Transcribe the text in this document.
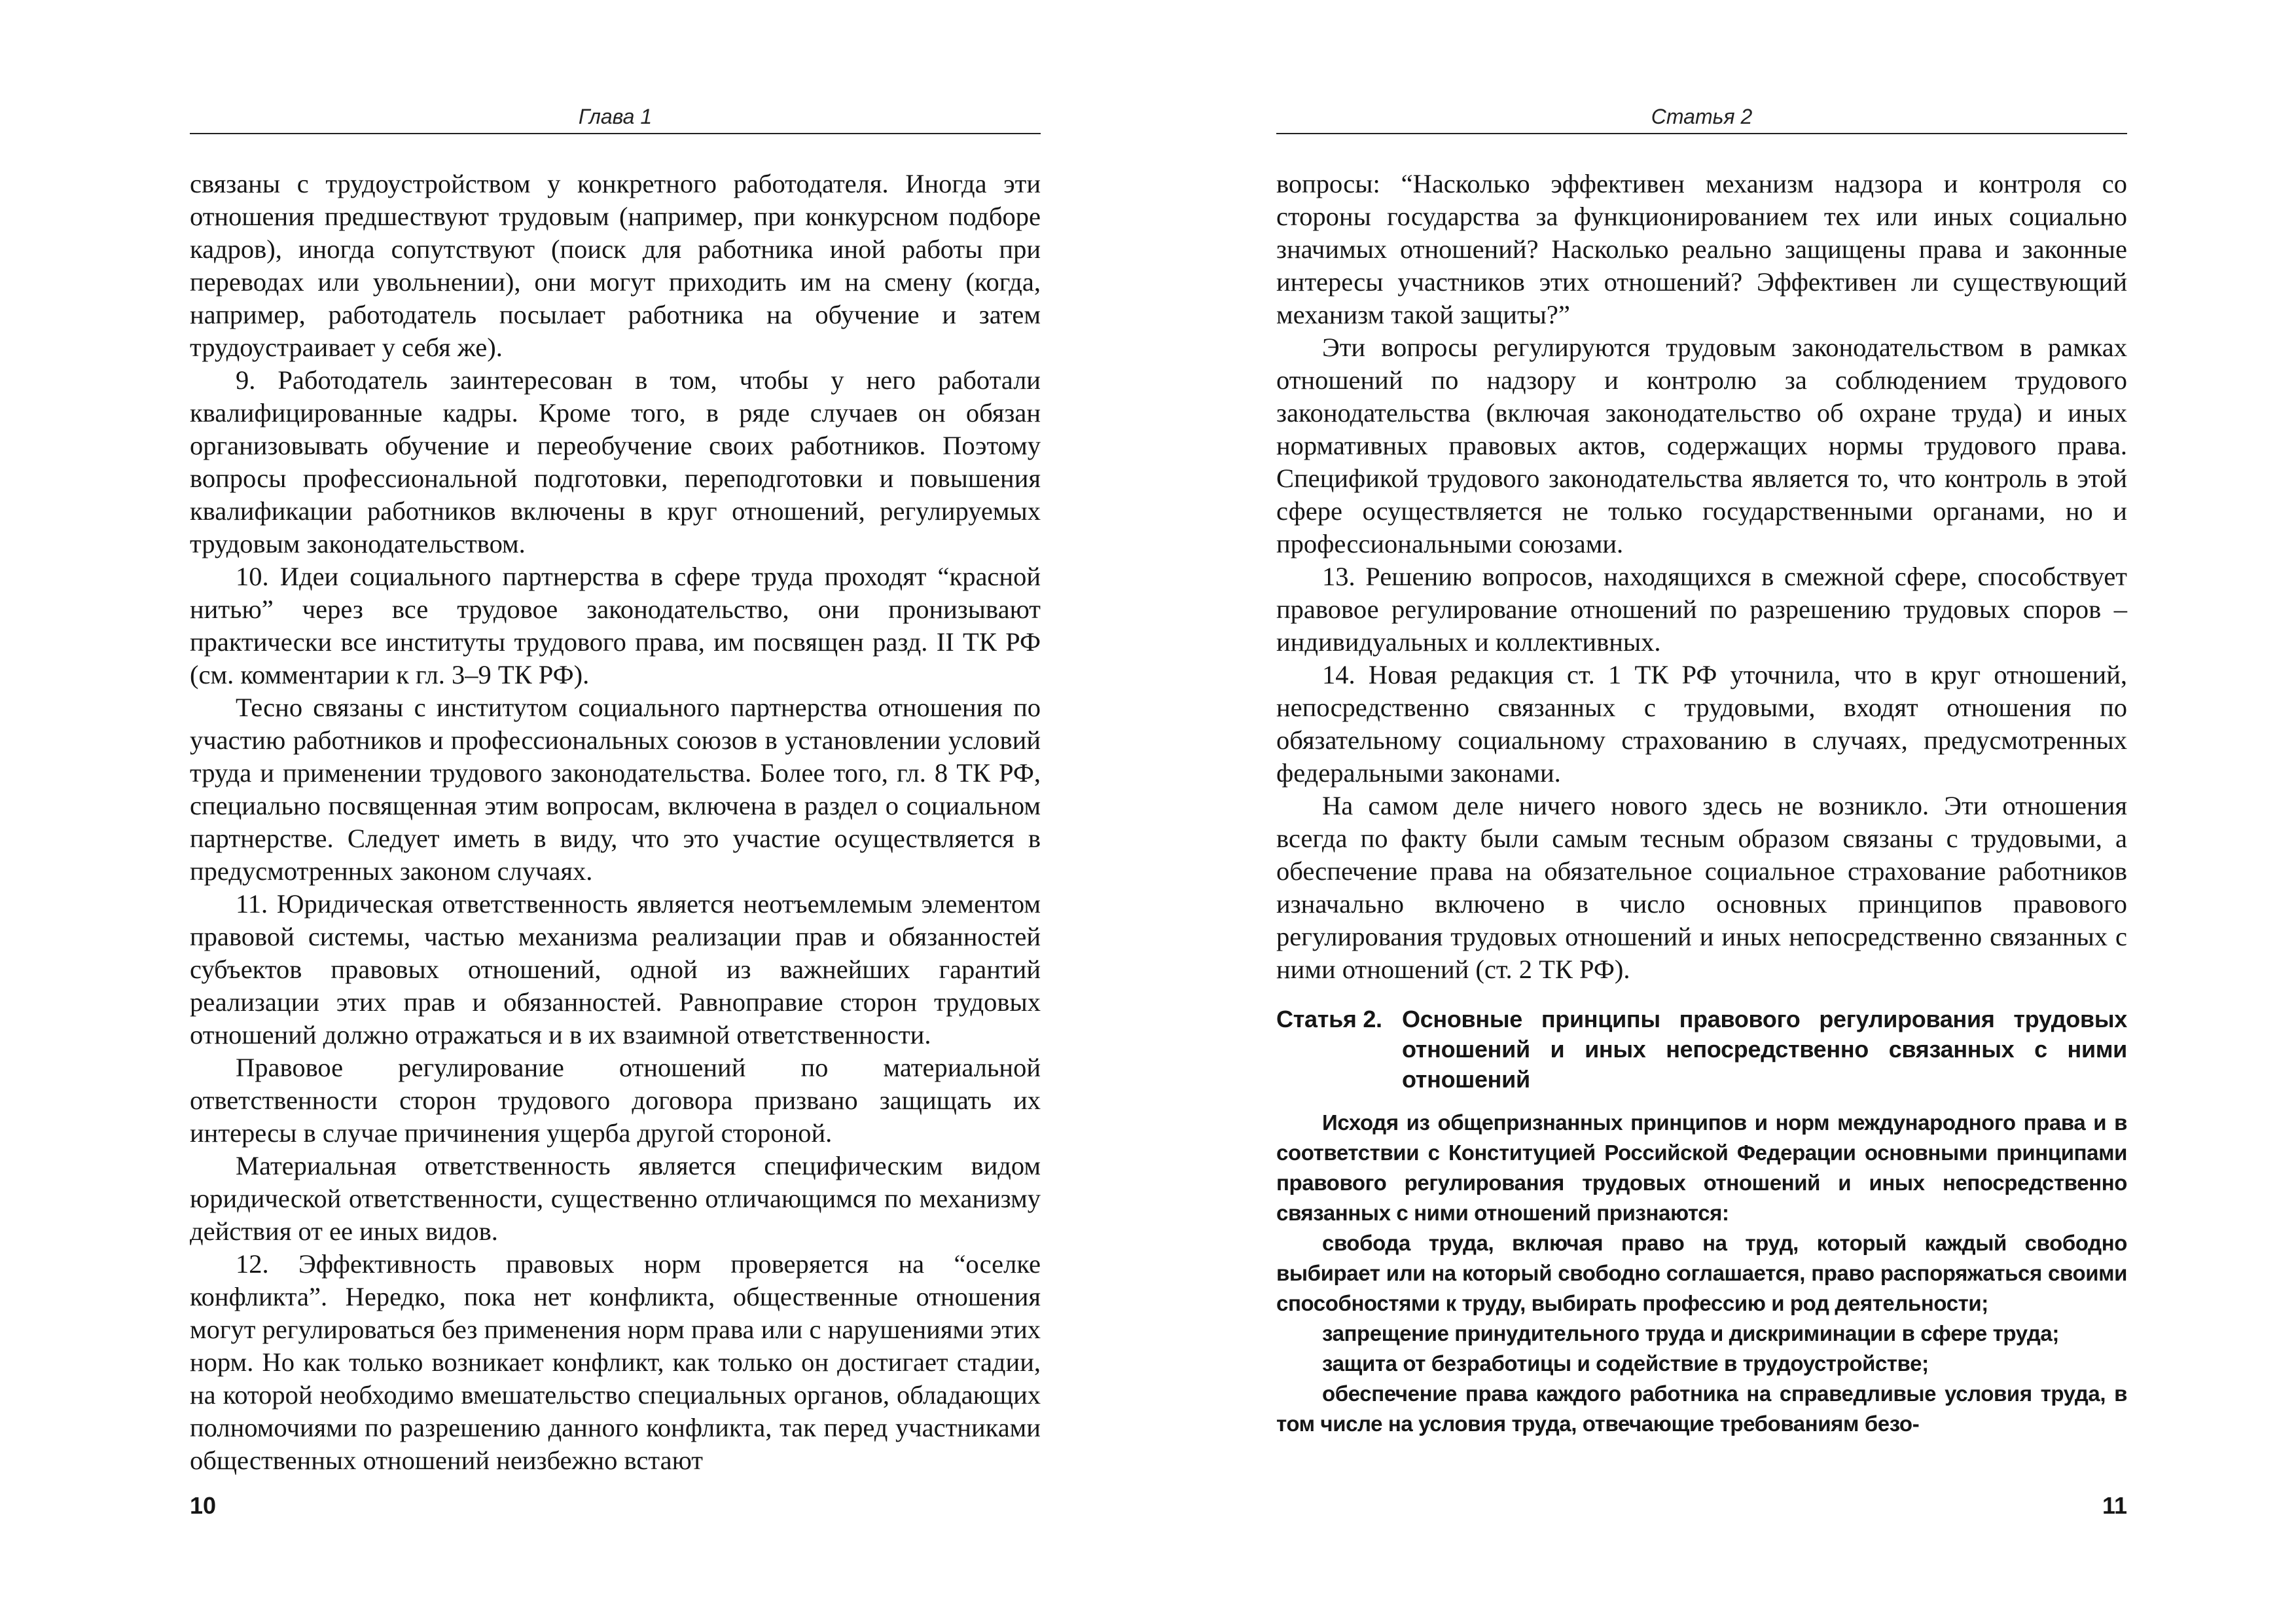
Глава 1

связаны с трудоустройством у конкретного работодателя. Иногда эти отношения предшествуют трудовым (например, при конкурсном подборе кадров), иногда сопутствуют (поиск для работника иной работы при переводах или увольнении), они могут приходить им на смену (когда, например, работодатель посылает работника на обучение и затем трудоустраивает у себя же).

9. Работодатель заинтересован в том, чтобы у него работали квалифицированные кадры. Кроме того, в ряде случаев он обязан организовывать обучение и переобучение своих работников. Поэтому вопросы профессиональной подготовки, переподготовки и повышения квалификации работников включены в круг отношений, регулируемых трудовым законодательством.

10. Идеи социального партнерства в сфере труда проходят “красной нитью” через все трудовое законодательство, они пронизывают практически все институты трудового права, им посвящен разд. II ТК РФ (см. комментарии к гл. 3–9 ТК РФ).

Тесно связаны с институтом социального партнерства отношения по участию работников и профессиональных союзов в установлении условий труда и применении трудового законодательства. Более того, гл. 8 ТК РФ, специально посвященная этим вопросам, включена в раздел о социальном партнерстве. Следует иметь в виду, что это участие осуществляется в предусмотренных законом случаях.

11. Юридическая ответственность является неотъемлемым элементом правовой системы, частью механизма реализации прав и обязанностей субъектов правовых отношений, одной из важнейших гарантий реализации этих прав и обязанностей. Равноправие сторон трудовых отношений должно отражаться и в их взаимной ответственности.

Правовое регулирование отношений по материальной ответственности сторон трудового договора призвано защищать их интересы в случае причинения ущерба другой стороной.

Материальная ответственность является специфическим видом юридической ответственности, существенно отличающимся по механизму действия от ее иных видов.

12. Эффективность правовых норм проверяется на “оселке конфликта”. Нередко, пока нет конфликта, общественные отношения могут регулироваться без применения норм права или с нарушениями этих норм. Но как только возникает конфликт, как только он достигает стадии, на которой необходимо вмешательство специальных органов, обладающих полномочиями по разрешению данного конфликта, так перед участниками общественных отношений неизбежно встают

10
Статья 2

вопросы: “Насколько эффективен механизм надзора и контроля со стороны государства за функционированием тех или иных социально значимых отношений? Насколько реально защищены права и законные интересы участников этих отношений? Эффективен ли существующий механизм такой защиты?”

Эти вопросы регулируются трудовым законодательством в рамках отношений по надзору и контролю за соблюдением трудового законодательства (включая законодательство об охране труда) и иных нормативных правовых актов, содержащих нормы трудового права. Спецификой трудового законодательства является то, что контроль в этой сфере осуществляется не только государственными органами, но и профессиональными союзами.

13. Решению вопросов, находящихся в смежной сфере, способствует правовое регулирование отношений по разрешению трудовых споров – индивидуальных и коллективных.

14. Новая редакция ст. 1 ТК РФ уточнила, что в круг отношений, непосредственно связанных с трудовыми, входят отношения по обязательному социальному страхованию в случаях, предусмотренных федеральными законами.

На самом деле ничего нового здесь не возникло. Эти отношения всегда по факту были самым тесным образом связаны с трудовыми, а обеспечение права на обязательное социальное страхование работников изначально включено в число основных принципов правового регулирования трудовых отношений и иных непосредственно связанных с ними отношений (ст. 2 ТК РФ).

Статья 2. Основные принципы правового регулирования трудовых отношений и иных непосредственно связанных с ними отношений

Исходя из общепризнанных принципов и норм международного права и в соответствии с Конституцией Российской Федерации основными принципами правового регулирования трудовых отношений и иных непосредственно связанных с ними отношений признаются:

свобода труда, включая право на труд, который каждый свободно выбирает или на который свободно соглашается, право распоряжаться своими способностями к труду, выбирать профессию и род деятельности;

запрещение принудительного труда и дискриминации в сфере труда;

защита от безработицы и содействие в трудоустройстве;

обеспечение права каждого работника на справедливые условия труда, в том числе на условия труда, отвечающие требованиям безо-

11
